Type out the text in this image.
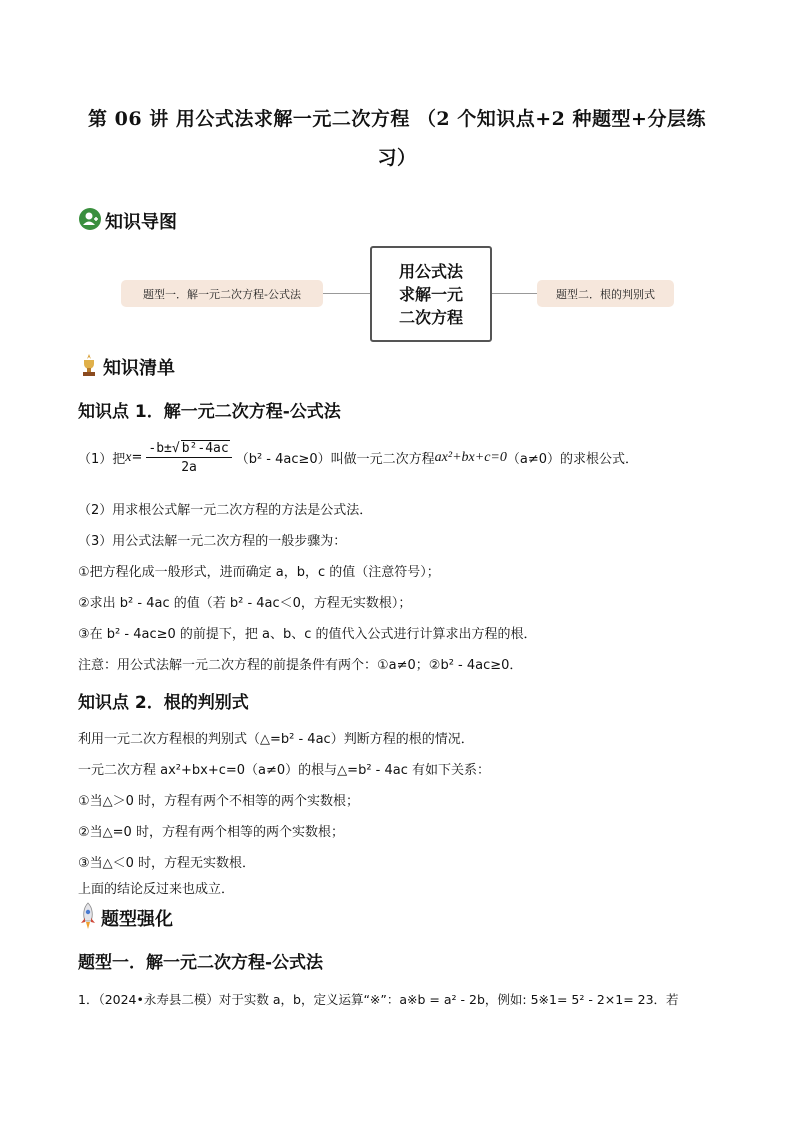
第 06 讲 用公式法求解一元二次方程 （2 个知识点+2 种题型+分层练
习）
知识导图
题型一．解一元二次方程-公式法
用公式法
求解一元
二次方程
题型二．根的判别式
知识清单
知识点 1．解一元二次方程-公式法
（1）把 $x = \frac{\text{-b±√ b²-4ac}}{2a} (b^2 - 4ac\ge 0)$ 叫做一元二次方程 ax²+bx+c=0 （a≠0） 的求根公式．
（2）用求根公式解一元二次方程的方法是公式法．
（3）用公式法解一元二次方程的一般步骤为：
①把方程化成一般形式，进而确定 a，b，c 的值（注意符号）；
②求出 b² - 4ac 的值（若 b² - 4ac＜0，方程无实数根）；
③在 b² - 4ac≥0 的前提下，把 a、b、c 的值代入公式进行计算求出方程的根．
注意：用公式法解一元二次方程的前提条件有两个：①a≠0；②b² - 4ac≥0．
知识点 2．根的判别式
利用一元二次方程根的判别式（△=b² - 4ac）判断方程的根的情况．
一元二次方程 ax²+bx+c=0（a≠0）的根与△=b² - 4ac 有如下关系：
①当△＞0 时，方程有两个不相等的两个实数根；
②当△=0 时，方程有两个相等的两个实数根；
③当△＜0 时，方程无实数根．
上面的结论反过来也成立．
题型强化
题型一．解一元二次方程-公式法
1．（2024•永寿县二模）对于实数 a，b，定义运算“※”：a※b = a² - 2b，例如: 5※1= 5² - 2×1= 23．若
